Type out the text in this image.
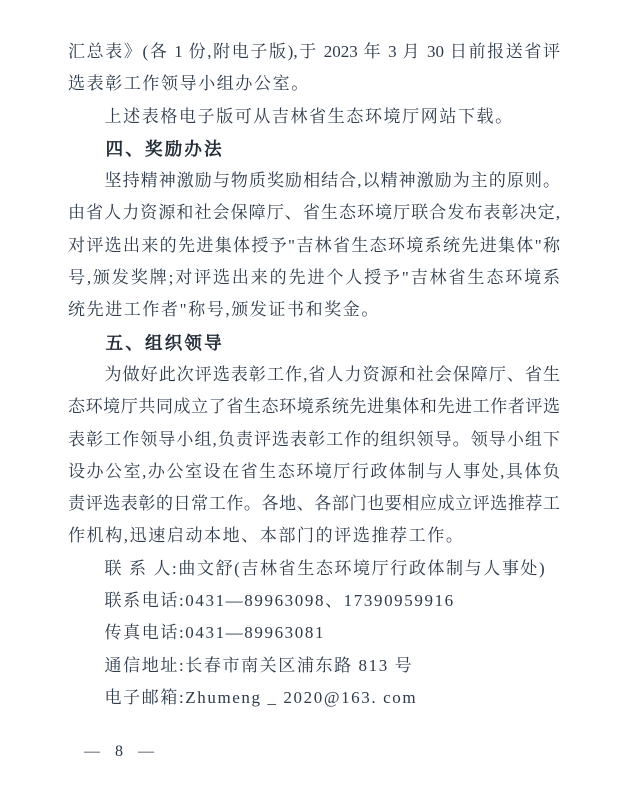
汇总表》(各 1 份,附电子版),于 2023 年 3 月 30 日前报送省评
选表彰工作领导小组办公室。
上述表格电子版可从吉林省生态环境厅网站下载。
四、奖励办法
坚持精神激励与物质奖励相结合,以精神激励为主的原则。
由省人力资源和社会保障厅、省生态环境厅联合发布表彰决定,
对评选出来的先进集体授予"吉林省生态环境系统先进集体"称
号,颁发奖牌;对评选出来的先进个人授予"吉林省生态环境系
统先进工作者"称号,颁发证书和奖金。
五、组织领导
为做好此次评选表彰工作,省人力资源和社会保障厅、省生
态环境厅共同成立了省生态环境系统先进集体和先进工作者评选
表彰工作领导小组,负责评选表彰工作的组织领导。领导小组下
设办公室,办公室设在省生态环境厅行政体制与人事处,具体负
责评选表彰的日常工作。各地、各部门也要相应成立评选推荐工
作机构,迅速启动本地、本部门的评选推荐工作。
联 系 人:曲文舒(吉林省生态环境厅行政体制与人事处)
联系电话:0431—89963098、17390959916
传真电话:0431—89963081
通信地址:长春市南关区浦东路 813 号
电子邮箱:Zhumeng _ 2020@163. com
— 8 —
